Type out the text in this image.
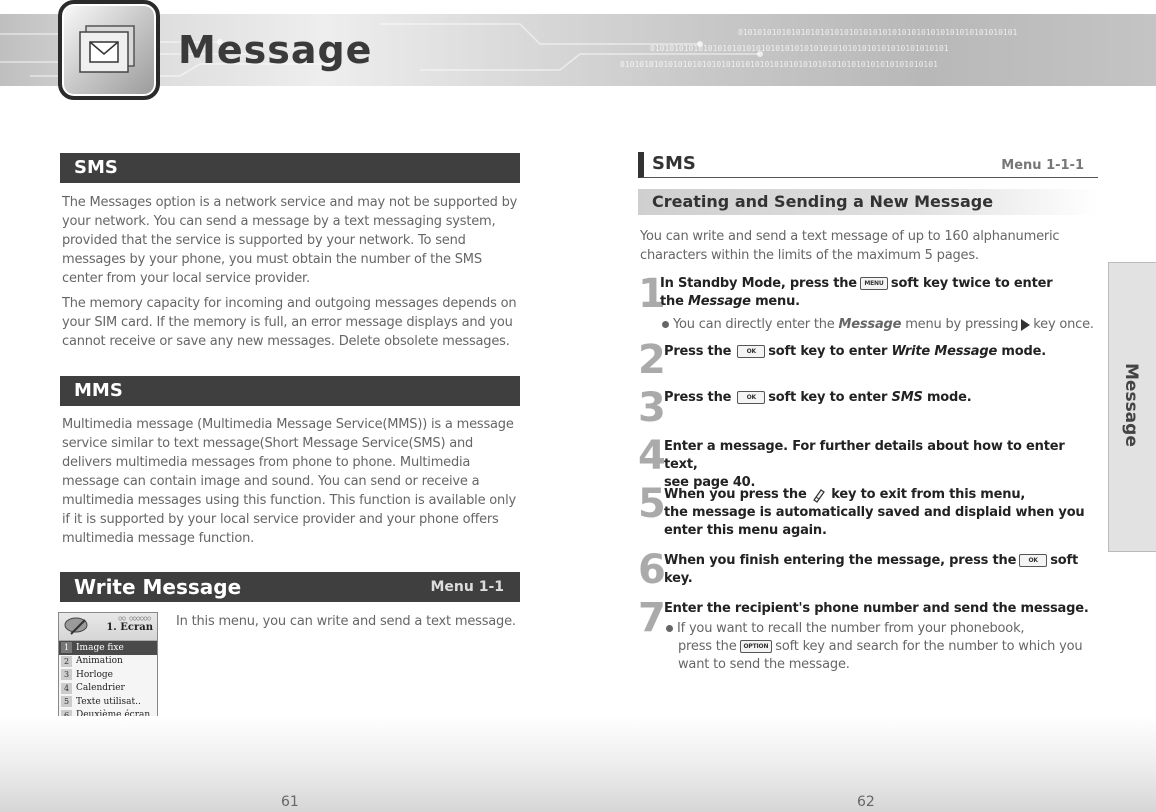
0101010101010101010101010101010101010101010101010101010101
01010101010101010101010101010101010101010101010101010101010101
010101010101010101010101010101010101010101010101010101010101010101
Message
SMS
The Messages option is a network service and may not be supported by your network. You can send a message by a text messaging system, provided that the service is supported by your network. To send messages by your phone, you must obtain the number of the SMS center from your local service provider.
The memory capacity for incoming and outgoing messages depends on your SIM card. If the memory is full, an error message displays and you cannot receive or save any new messages. Delete obsolete messages.
MMS
Multimedia message (Multimedia Message Service(MMS)) is a message service similar to text message(Short Message Service(SMS) and delivers multimedia messages from phone to phone. Multimedia message can contain image and sound. You can send or receive a multimedia messages using this function. This function is available only if it is supported by your local service provider and your phone offers multimedia message function.
Write Message	Menu 1-1
In this menu, you can write and send a text message.
○○ ○○○○○○
1. Ecran
1 Image fixe
2 Animation
3 Horloge
4 Calendrier
5 Texte utilisat..
SMS	Menu 1-1-1
Creating and Sending a New Message
You can write and send a text message of up to 160 alphanumeric characters within the limits of the maximum 5 pages.
1
In Standby Mode, press the MENU soft key twice to enter
the Message menu.
You can directly enter the Message menu by pressing key once.
2
Press the	OK soft key to enter Write Message mode.
3
Press the	OK soft key to enter SMS mode.
4
Enter a message. For further details about how to enter text,
see page 40.
5
When you press the key to exit from this menu,
the message is automatically saved and displaid when you
enter this menu again.
6
When you finish entering the message, press the OK soft
key.
7
Enter the recipient's phone number and send the message.
If you want to recall the number from your phonebook,
press the OPTION soft key and search for the number to which you
want to send the message.
Message
61	62
